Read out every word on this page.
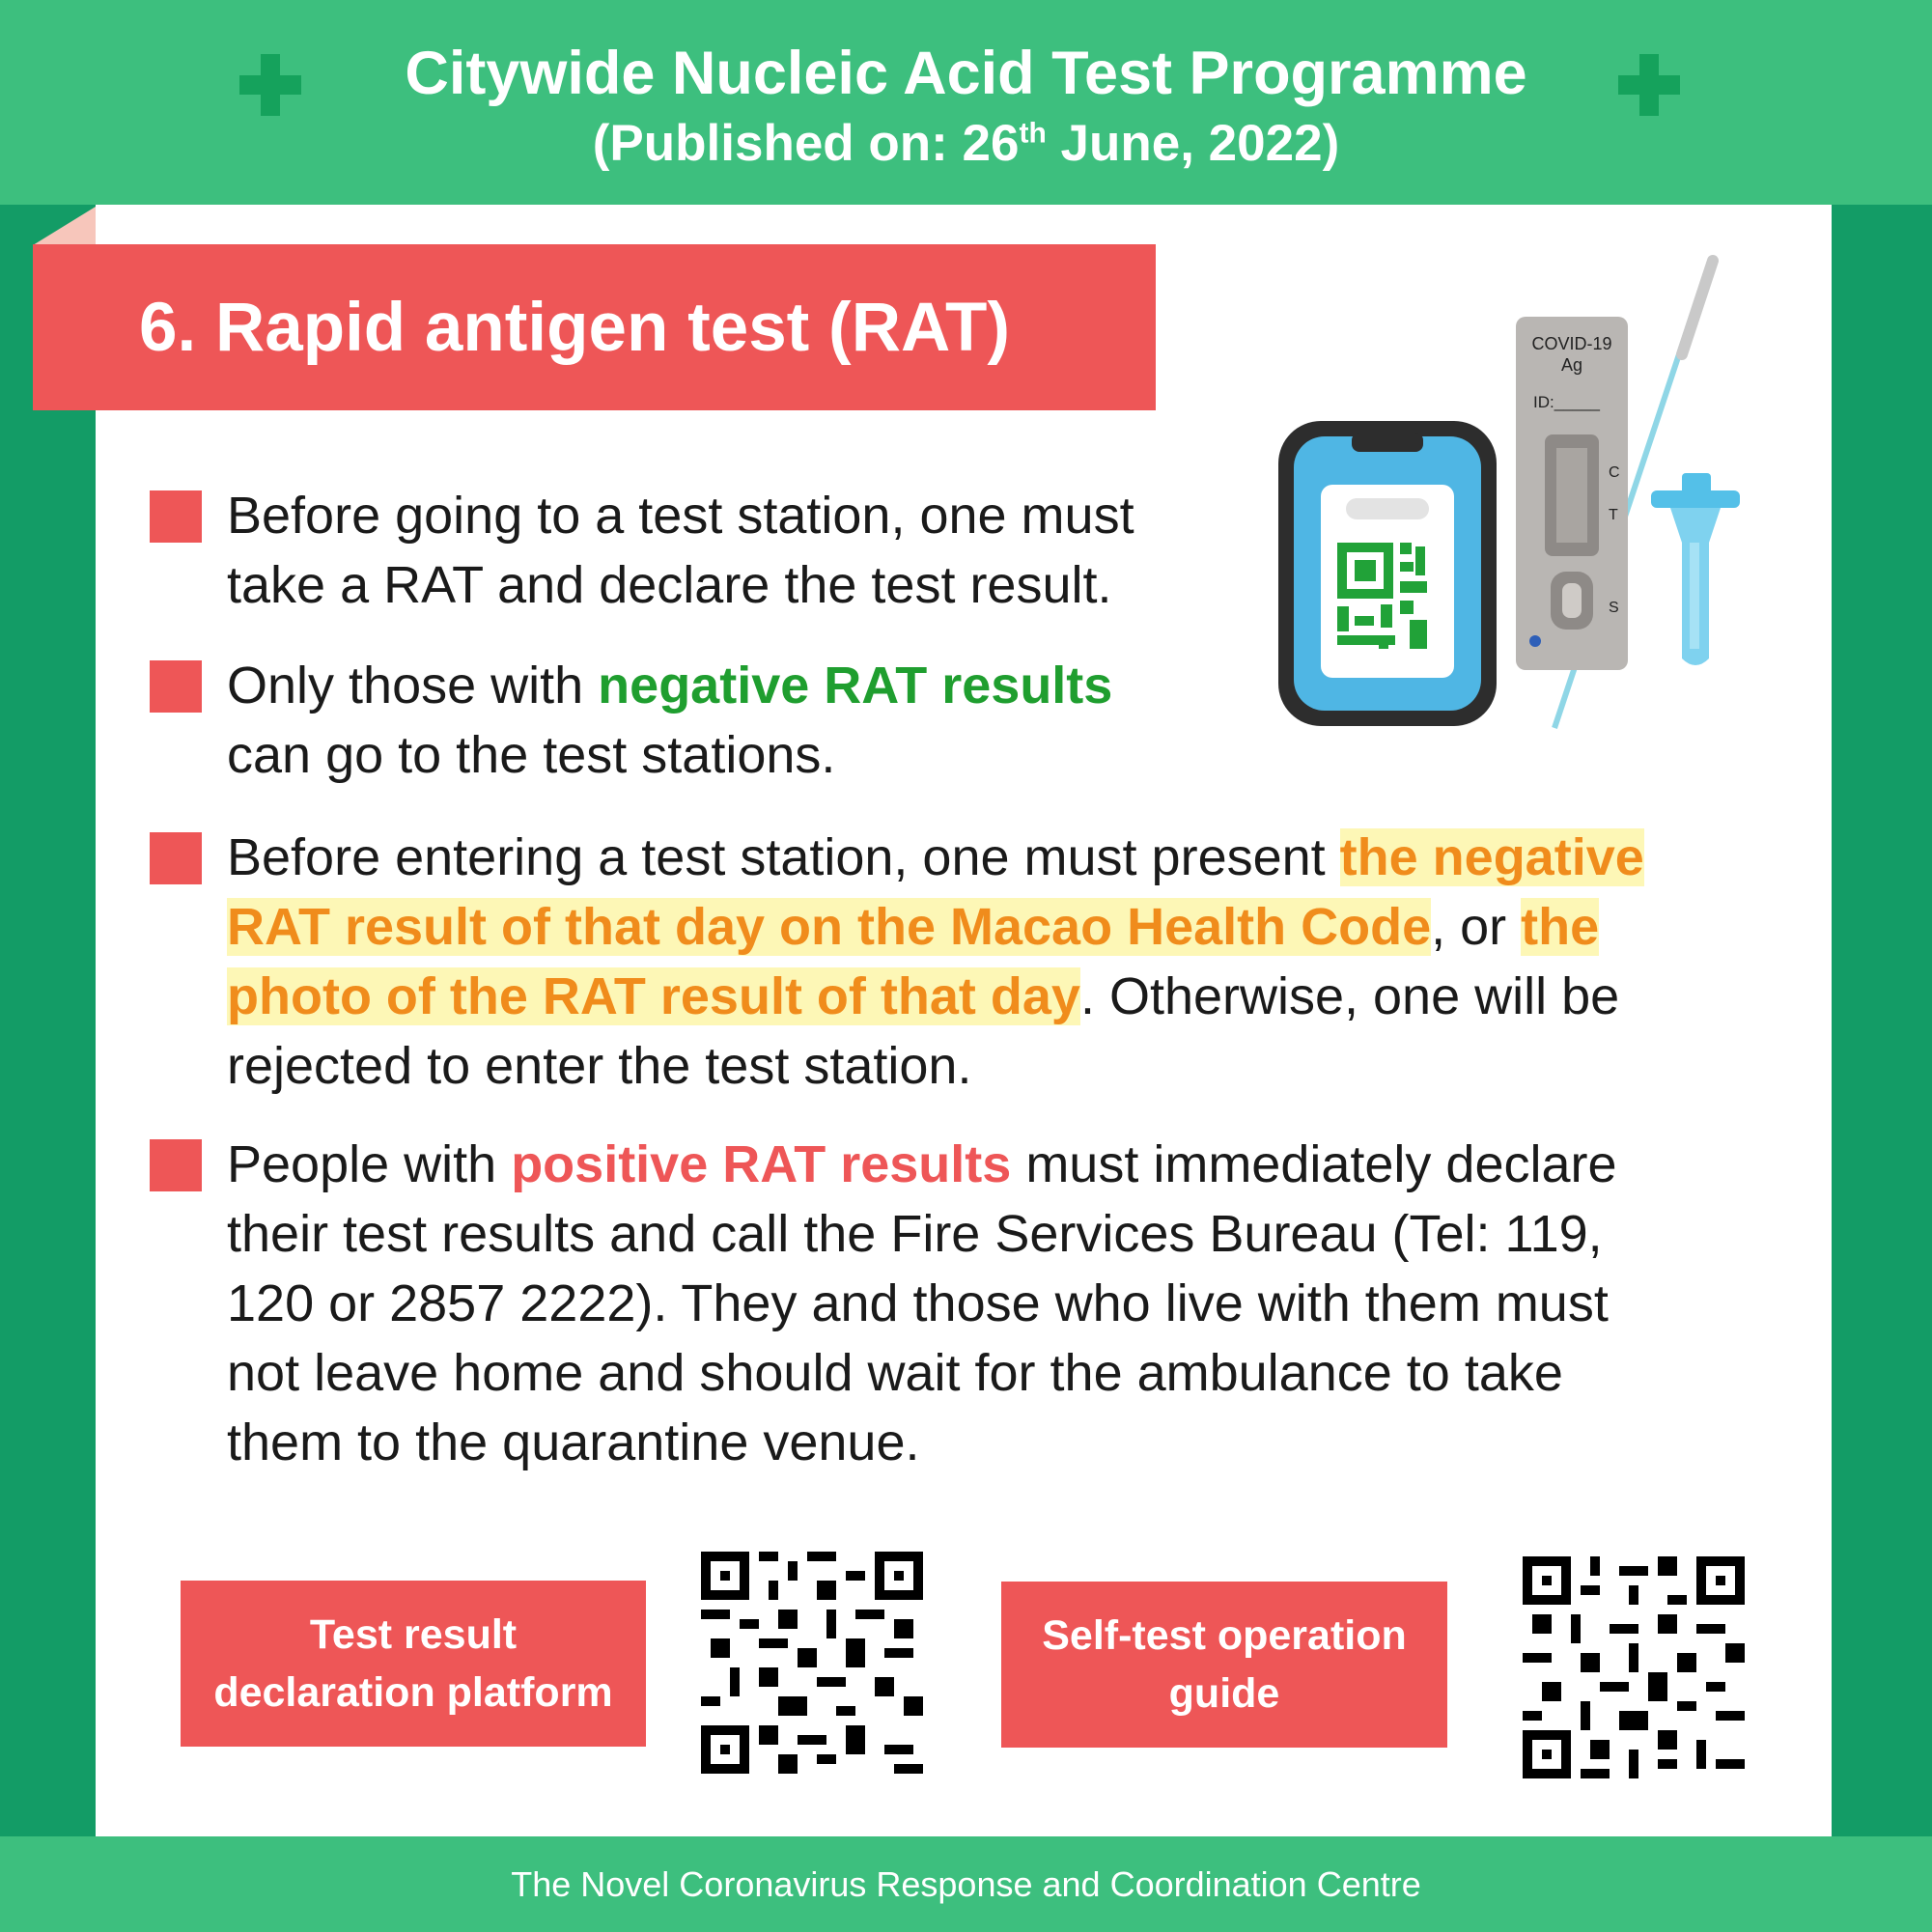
Citywide Nucleic Acid Test Programme
(Published on: 26th June, 2022)
6. Rapid antigen test (RAT)	COVID-19
Ag
ID:_____
C
T
S
Before going to a test station, one must
take a RAT and declare the test result.
Only those with negative RAT results
can go to the test stations.
Before entering a test station, one must present the negative
RAT result of that day on the Macao Health Code, or the
photo of the RAT result of that day. Otherwise, one will be
rejected to enter the test station.
People with positive RAT results must immediately declare
their test results and call the Fire Services Bureau (Tel: 119,
120 or 2857 2222). They and those who live with them must
not leave home and should wait for the ambulance to take
them to the quarantine venue.
Test result
declaration platform
Self-test operation
guide
The Novel Coronavirus Response and Coordination Centre
